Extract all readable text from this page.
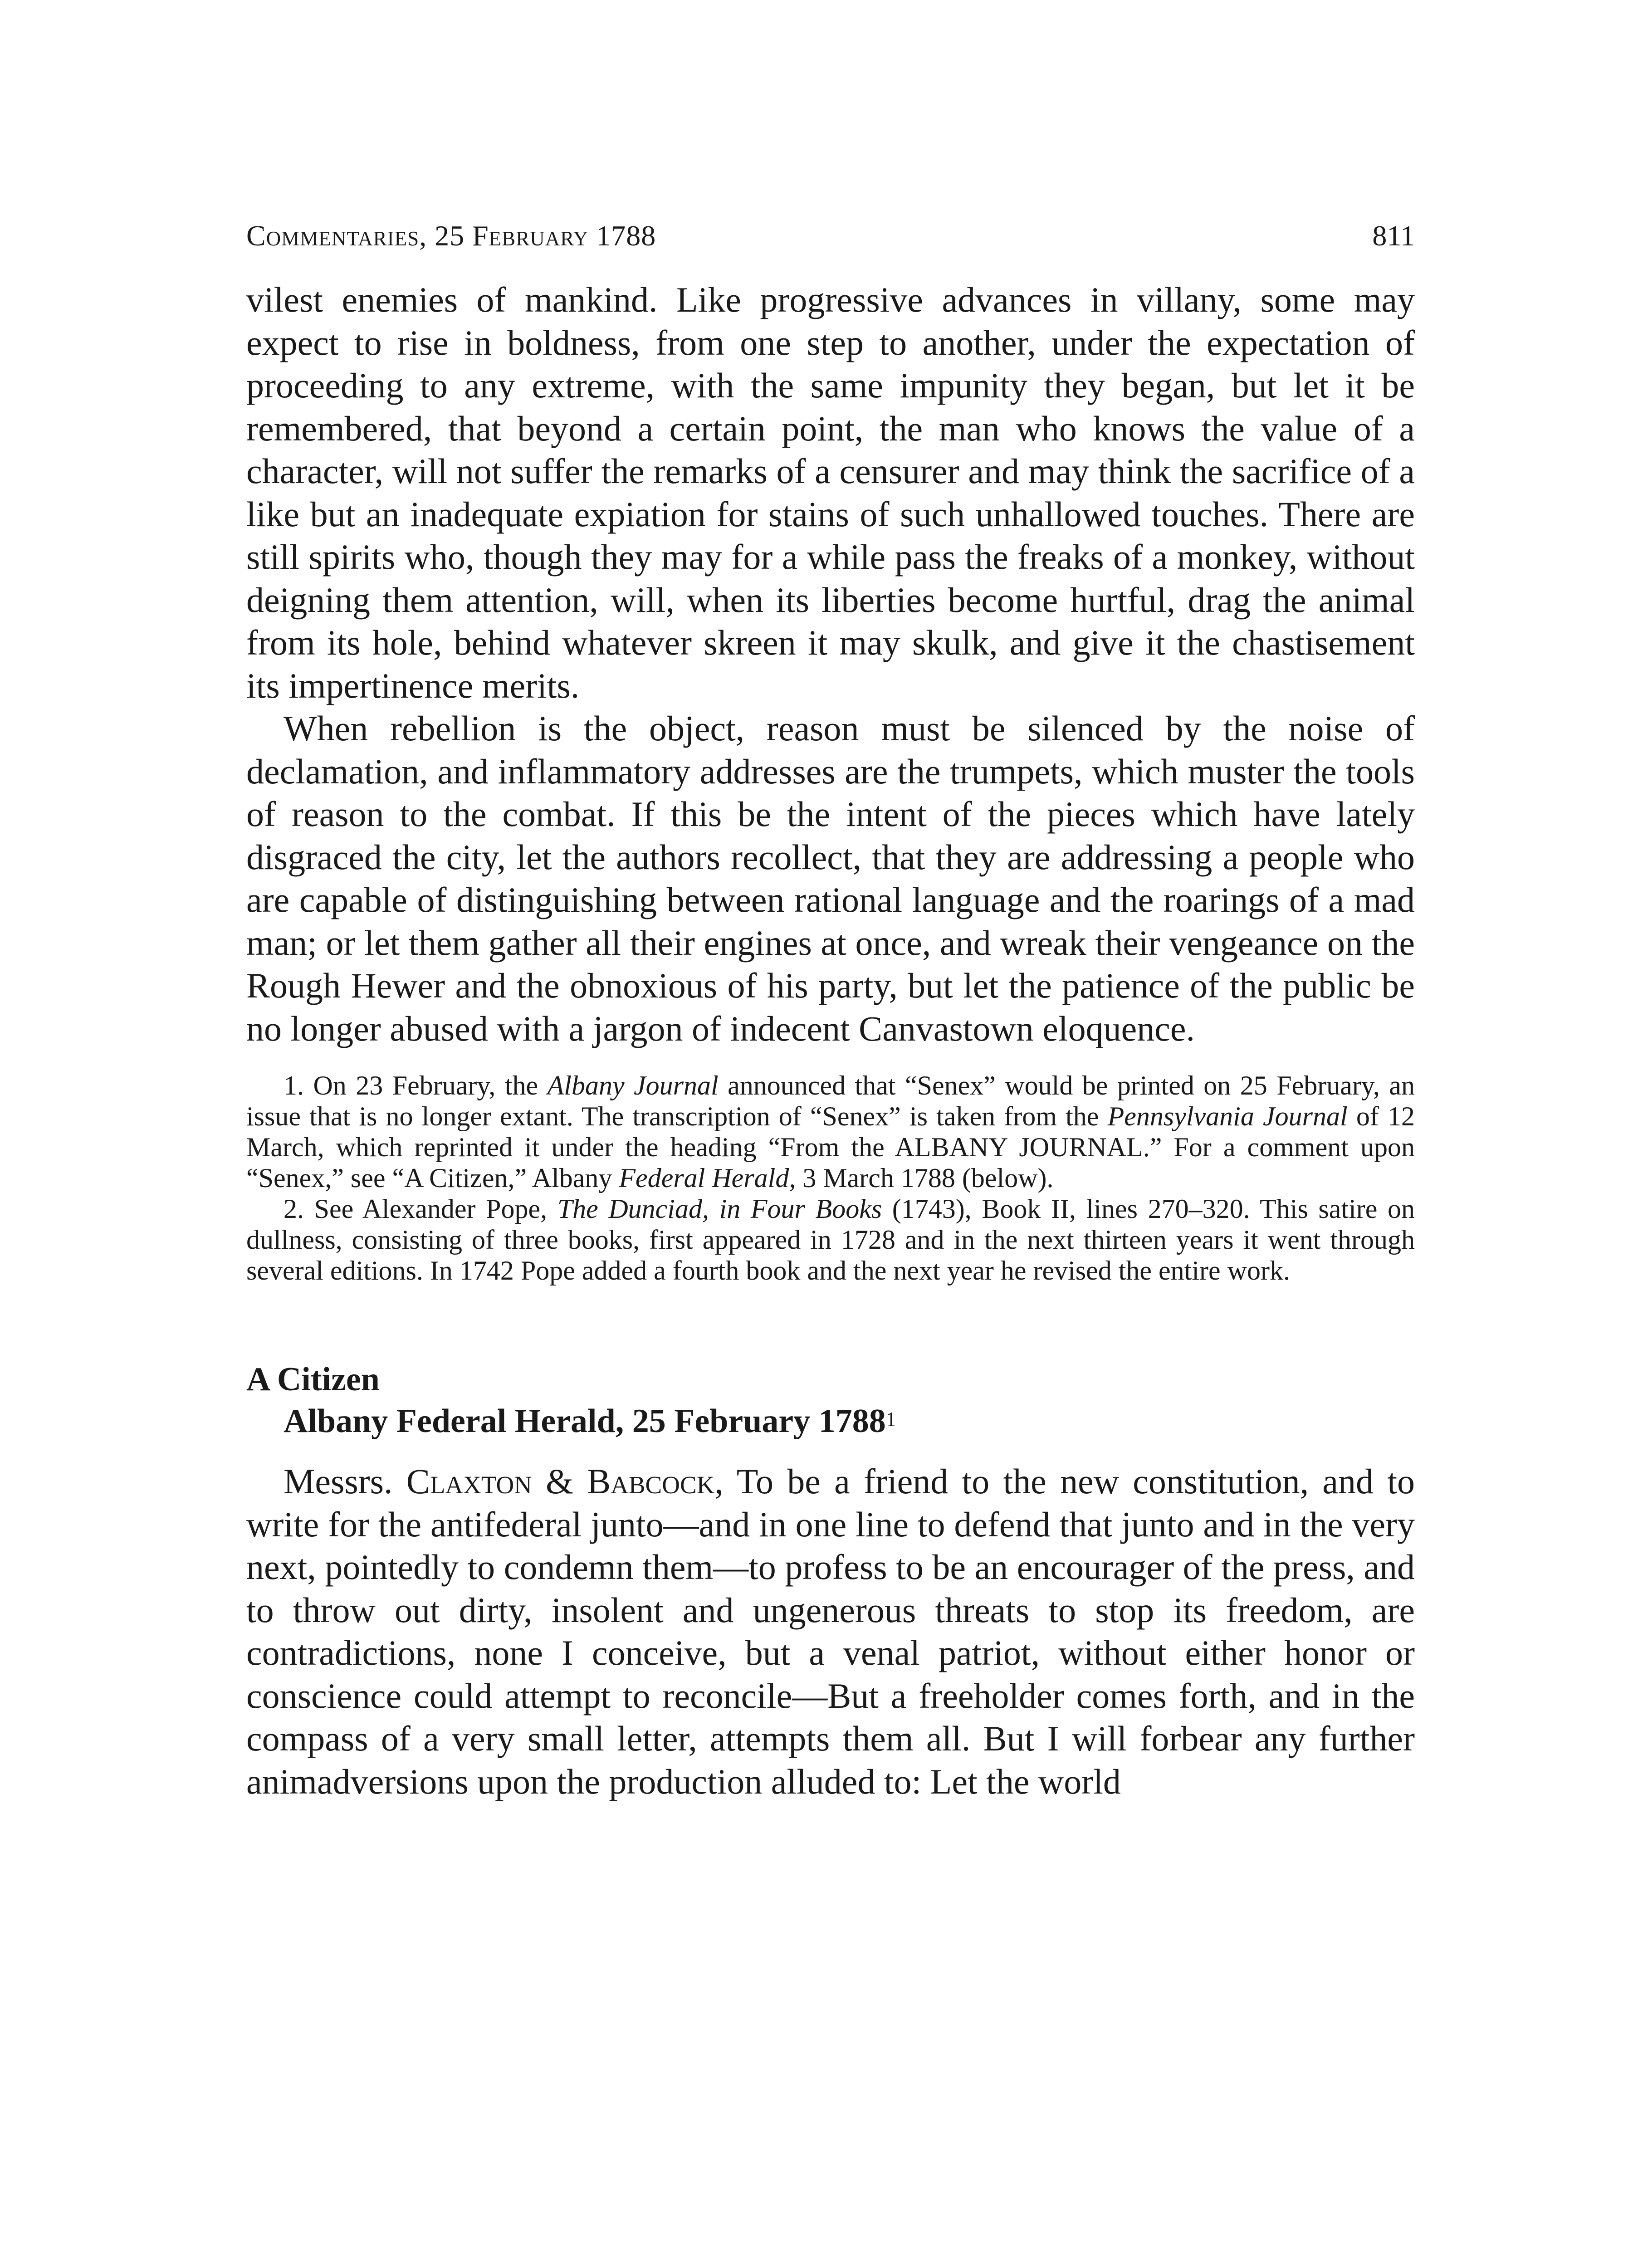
Commentaries, 25 February 1788	811

vilest enemies of mankind. Like progressive advances in villany, some may expect to rise in boldness, from one step to another, under the expectation of proceeding to any extreme, with the same impunity they began, but let it be remembered, that beyond a certain point, the man who knows the value of a character, will not suffer the remarks of a censurer and may think the sacrifice of a like but an inadequate expiation for stains of such unhallowed touches. There are still spirits who, though they may for a while pass the freaks of a monkey, without deigning them attention, will, when its liberties become hurtful, drag the animal from its hole, behind whatever skreen it may skulk, and give it the chastisement its impertinence merits.

When rebellion is the object, reason must be silenced by the noise of declamation, and inflammatory addresses are the trumpets, which muster the tools of reason to the combat. If this be the intent of the pieces which have lately disgraced the city, let the authors recollect, that they are addressing a people who are capable of distinguishing between rational language and the roarings of a mad man; or let them gather all their engines at once, and wreak their vengeance on the Rough Hewer and the obnoxious of his party, but let the patience of the public be no longer abused with a jargon of indecent Canvastown eloquence.

1. On 23 February, the Albany Journal announced that “Senex” would be printed on 25 February, an issue that is no longer extant. The transcription of “Senex” is taken from the Pennsylvania Journal of 12 March, which reprinted it under the heading “From the ALBANY JOURNAL.” For a comment upon “Senex,” see “A Citizen,” Albany Federal Herald, 3 March 1788 (below).

2. See Alexander Pope, The Dunciad, in Four Books (1743), Book II, lines 270–320. This satire on dullness, consisting of three books, first appeared in 1728 and in the next thirteen years it went through several editions. In 1742 Pope added a fourth book and the next year he revised the entire work.

A Citizen
Albany Federal Herald, 25 February 1788$^1$

Messrs. Claxton & Babcock, To be a friend to the new constitution, and to write for the antifederal junto—and in one line to defend that junto and in the very next, pointedly to condemn them—to profess to be an encourager of the press, and to throw out dirty, insolent and ungenerous threats to stop its freedom, are contradictions, none I conceive, but a venal patriot, without either honor or conscience could attempt to reconcile—But a freeholder comes forth, and in the compass of a very small letter, attempts them all. But I will forbear any further animadversions upon the production alluded to: Let the world
